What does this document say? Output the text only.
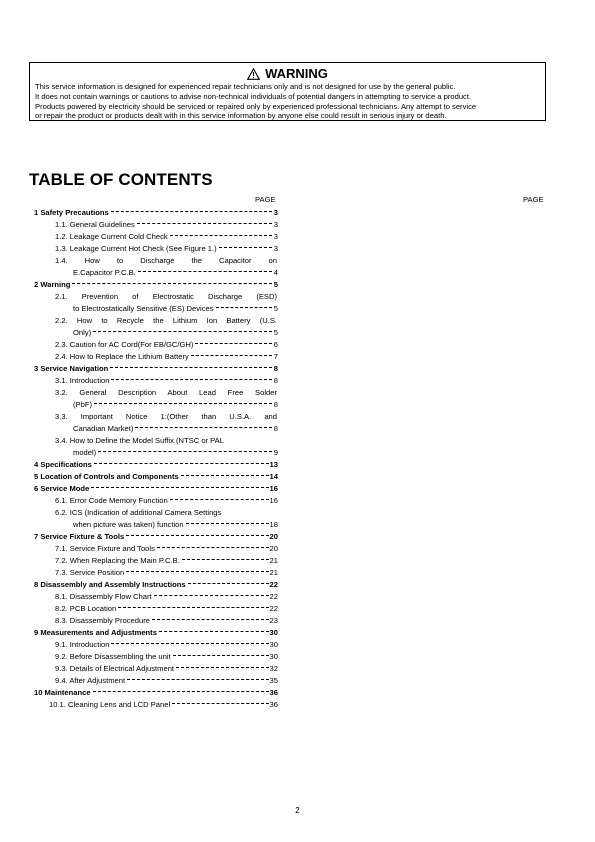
WARNING
This service information is designed for experienced repair technicians only and is not designed for use by the general public.
It does not contain warnings or cautions to advise non-technical individuals of potential dangers in attempting to service a product.
Products powered by electricity should be serviced or repaired only by experienced professional technicians. Any attempt to service
or repair the product or products dealt with in this service information by anyone else could result in serious injury or death.
TABLE OF CONTENTS
PAGE	PAGE
1 Safety Precautions	3
1.1. General Guidelines	3
1.2. Leakage Current Cold Check	3
1.3. Leakage Current Hot Check (See Figure 1.)	3
1.4. How to Discharge the Capacitor on
E.Capacitor P.C.B.	4
2 Warning	5
2.1. Prevention of Electrostatic Discharge (ESD)
to Electrostatically Sensitive (ES) Devices	5
2.2. How to Recycle the Lithium Ion Battery (U.S.
Only)	5
2.3. Caution for AC Cord(For EB/GC/GH)	6
2.4. How to Replace the Lithium Battery	7
3 Service Navigation	8
3.1. Introduction	8
3.2. General Description About Lead Free Solder
(PbF)	8
3.3. Important Notice 1:(Other than U.S.A. and
Canadian Market)	8
3.4. How to Define the Model Suffix (NTSC or PAL
model)	9
4 Specifications	13
5 Location of Controls and Components	14
6 Service Mode	16
6.1. Error Code Memory Function	16
6.2. ICS (Indication of additional Camera Settings
when picture was taken) function	18
7 Service Fixture & Tools	20
7.1. Service Fixture and Tools	20
7.2. When Replacing the Main P.C.B.	21
7.3. Service Position	21
8 Disassembly and Assembly Instructions	22
8.1. Disassembly Flow Chart	22
8.2. PCB Location	22
8.3. Disassembly Procedure	23
9 Measurements and Adjustments	30
9.1. Introduction	30
9.2. Before Disassembling the unit	30
9.3. Details of Electrical Adjustment	32
9.4. After Adjustment	35
10 Maintenance	36
10.1. Cleaning Lens and LCD Panel	36
2
